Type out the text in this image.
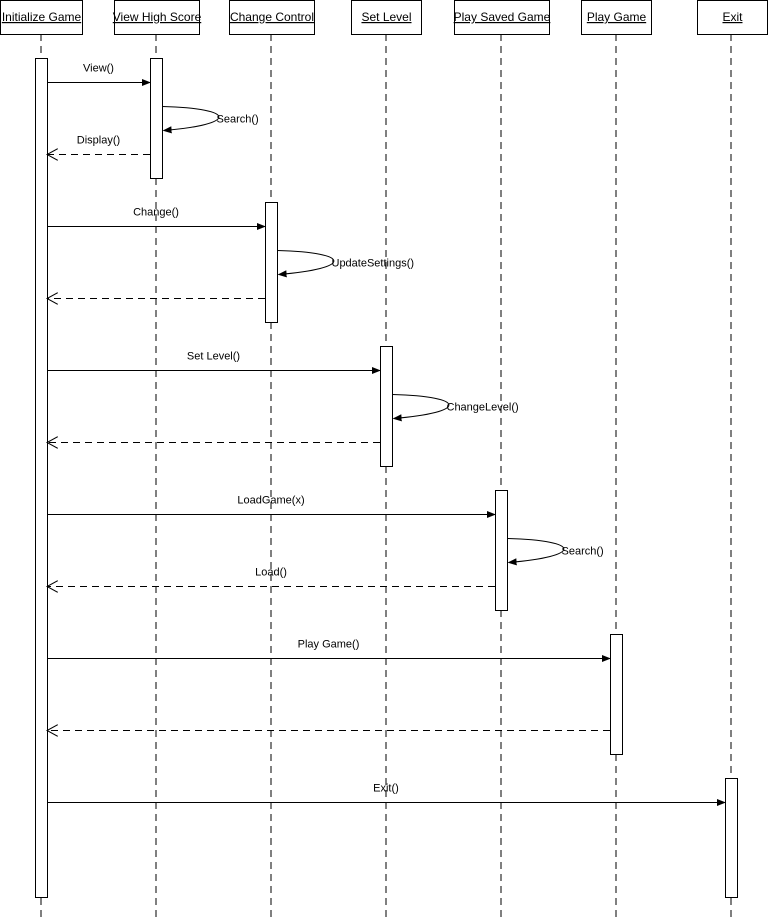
Initialize Game	View High Score Change Control	Set Level	Play Saved Game	Play Game	Exit
View()
Search()
Display()
Change()
UpdateSettings()
Set Level()
ChangeLevel()
LoadGame(x)
Search()
Load()
Play Game()
Exit()
